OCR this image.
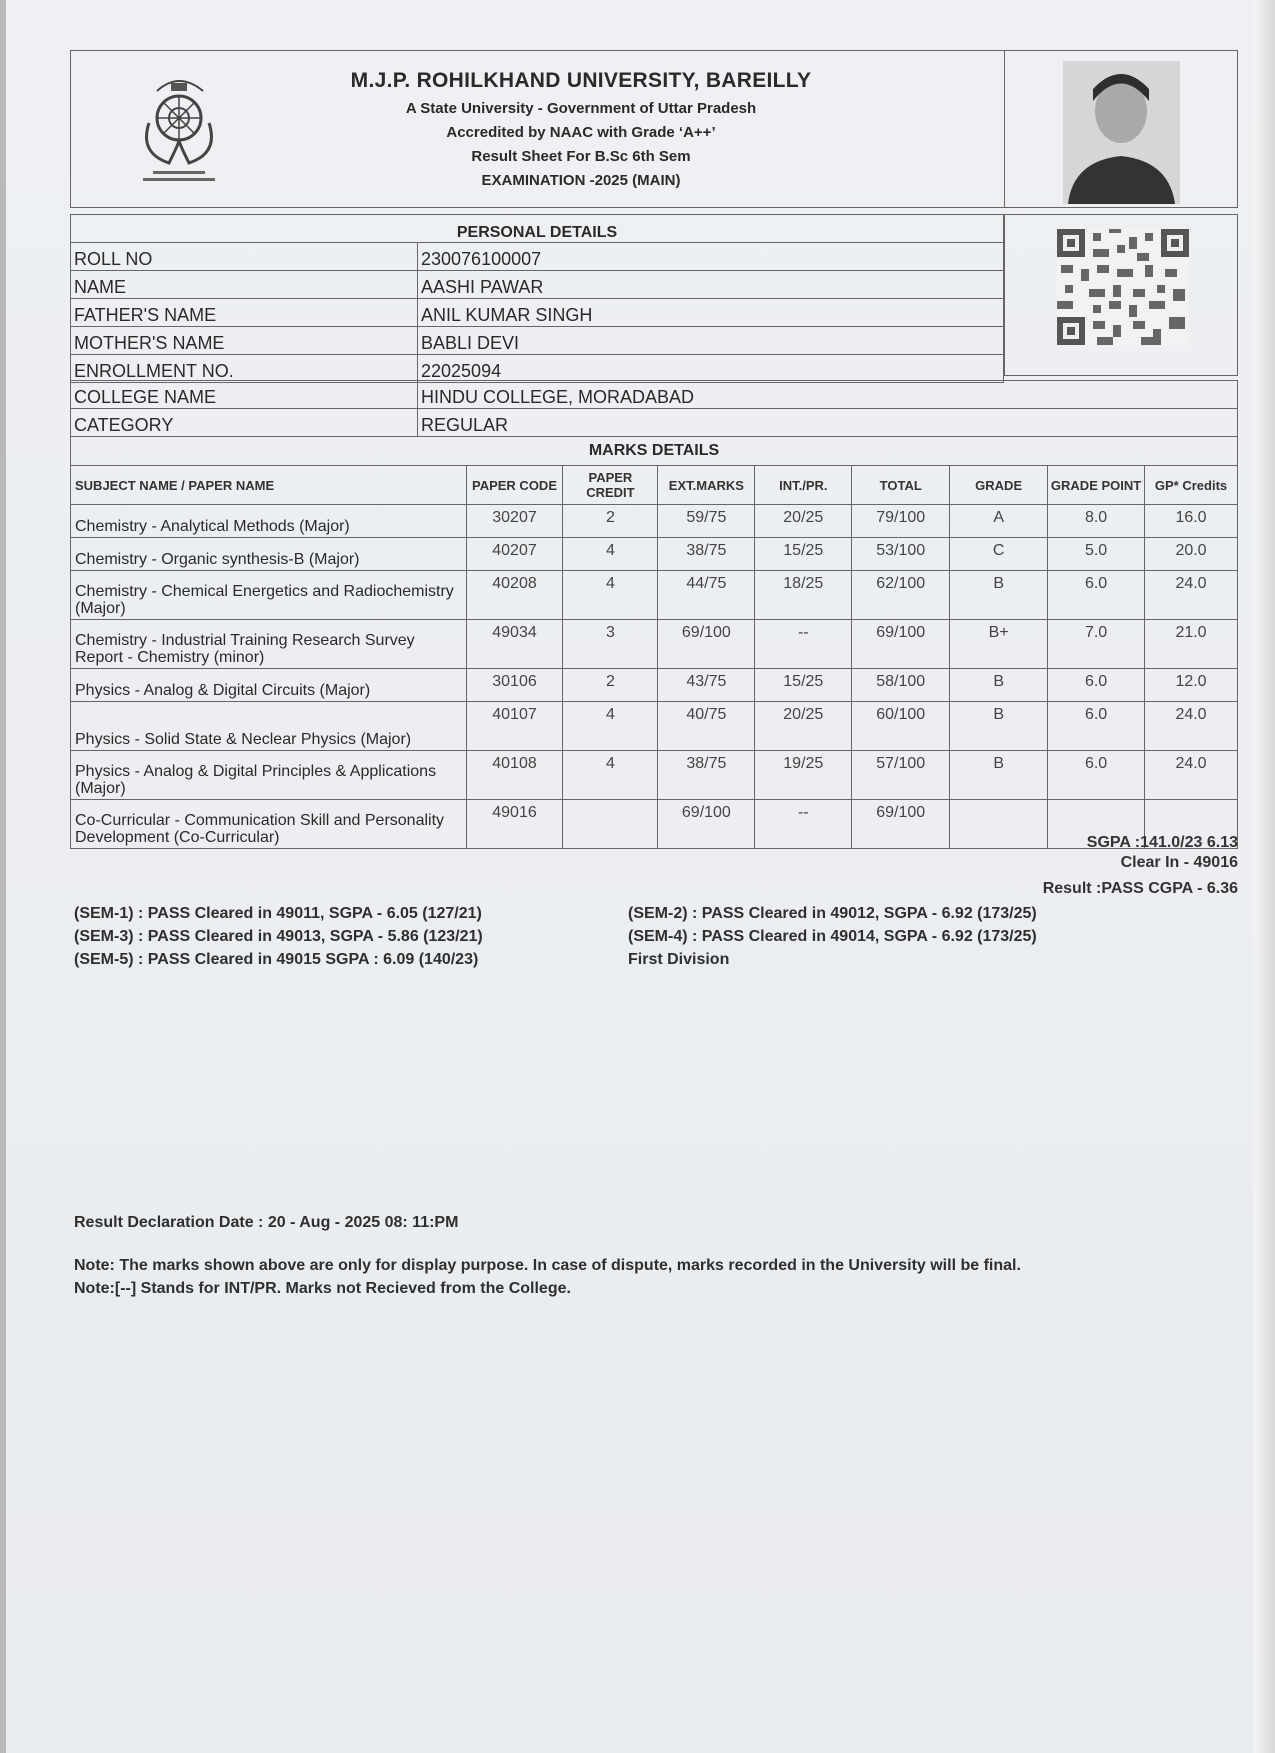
M.J.P. ROHILKHAND UNIVERSITY, BAREILLY
A State University - Government of Uttar Pradesh
Accredited by NAAC with Grade ‘A++’
Result Sheet For B.Sc 6th Sem
EXAMINATION -2025 (MAIN)
PERSONAL DETAILS	
ROLL NO	230076100007
NAME	AASHI PAWAR
FATHER'S NAME	ANIL KUMAR SINGH
MOTHER'S NAME	BABLI DEVI
ENROLLMENT NO.	22025094
COLLEGE NAME	HINDU COLLEGE, MORADABAD
CATEGORY	REGULAR
MARKS DETAILS								
SUBJECT NAME / PAPER NAME	PAPER CODE	PAPER CREDIT	EXT.MARKS	INT./PR.	TOTAL	GRADE	GRADE POINT	GP* Credits
Chemistry - Analytical Methods (Major)	30207	2	59/75	20/25	79/100	A	8.0	16.0
Chemistry - Organic synthesis-B (Major)	40207	4	38/75	15/25	53/100	C	5.0	20.0
Chemistry - Chemical Energetics and Radiochemistry (Major)	40208	4	44/75	18/25	62/100	B	6.0	24.0
Chemistry - Industrial Training Research Survey Report - Chemistry (minor)	49034	3	69/100	--	69/100	B+	7.0	21.0
Physics - Analog & Digital Circuits (Major)	30106	2	43/75	15/25	58/100	B	6.0	12.0
Physics - Solid State & Neclear Physics (Major)	40107	4	40/75	20/25	60/100	B	6.0	24.0
Physics - Analog & Digital Principles & Applications (Major)	40108	4	38/75	19/25	57/100	B	6.0	24.0
Co-Curricular - Communication Skill and Personality Development (Co-Curricular)	49016		69/100	--	69/100			
SGPA :141.0/23 6.13
Clear In - 49016
Result :PASS CGPA - 6.36
(SEM-1) : PASS Cleared in 49011, SGPA - 6.05 (127/21)
(SEM-3) : PASS Cleared in 49013, SGPA - 5.86 (123/21)
(SEM-5) : PASS Cleared in 49015 SGPA : 6.09 (140/23)
(SEM-2) : PASS Cleared in 49012, SGPA - 6.92 (173/25)
(SEM-4) : PASS Cleared in 49014, SGPA - 6.92 (173/25)
First Division
Result Declaration Date : 20 - Aug - 2025 08: 11:PM
Note: The marks shown above are only for display purpose. In case of dispute, marks recorded in the University will be final.
Note:[--] Stands for INT/PR. Marks not Recieved from the College.
